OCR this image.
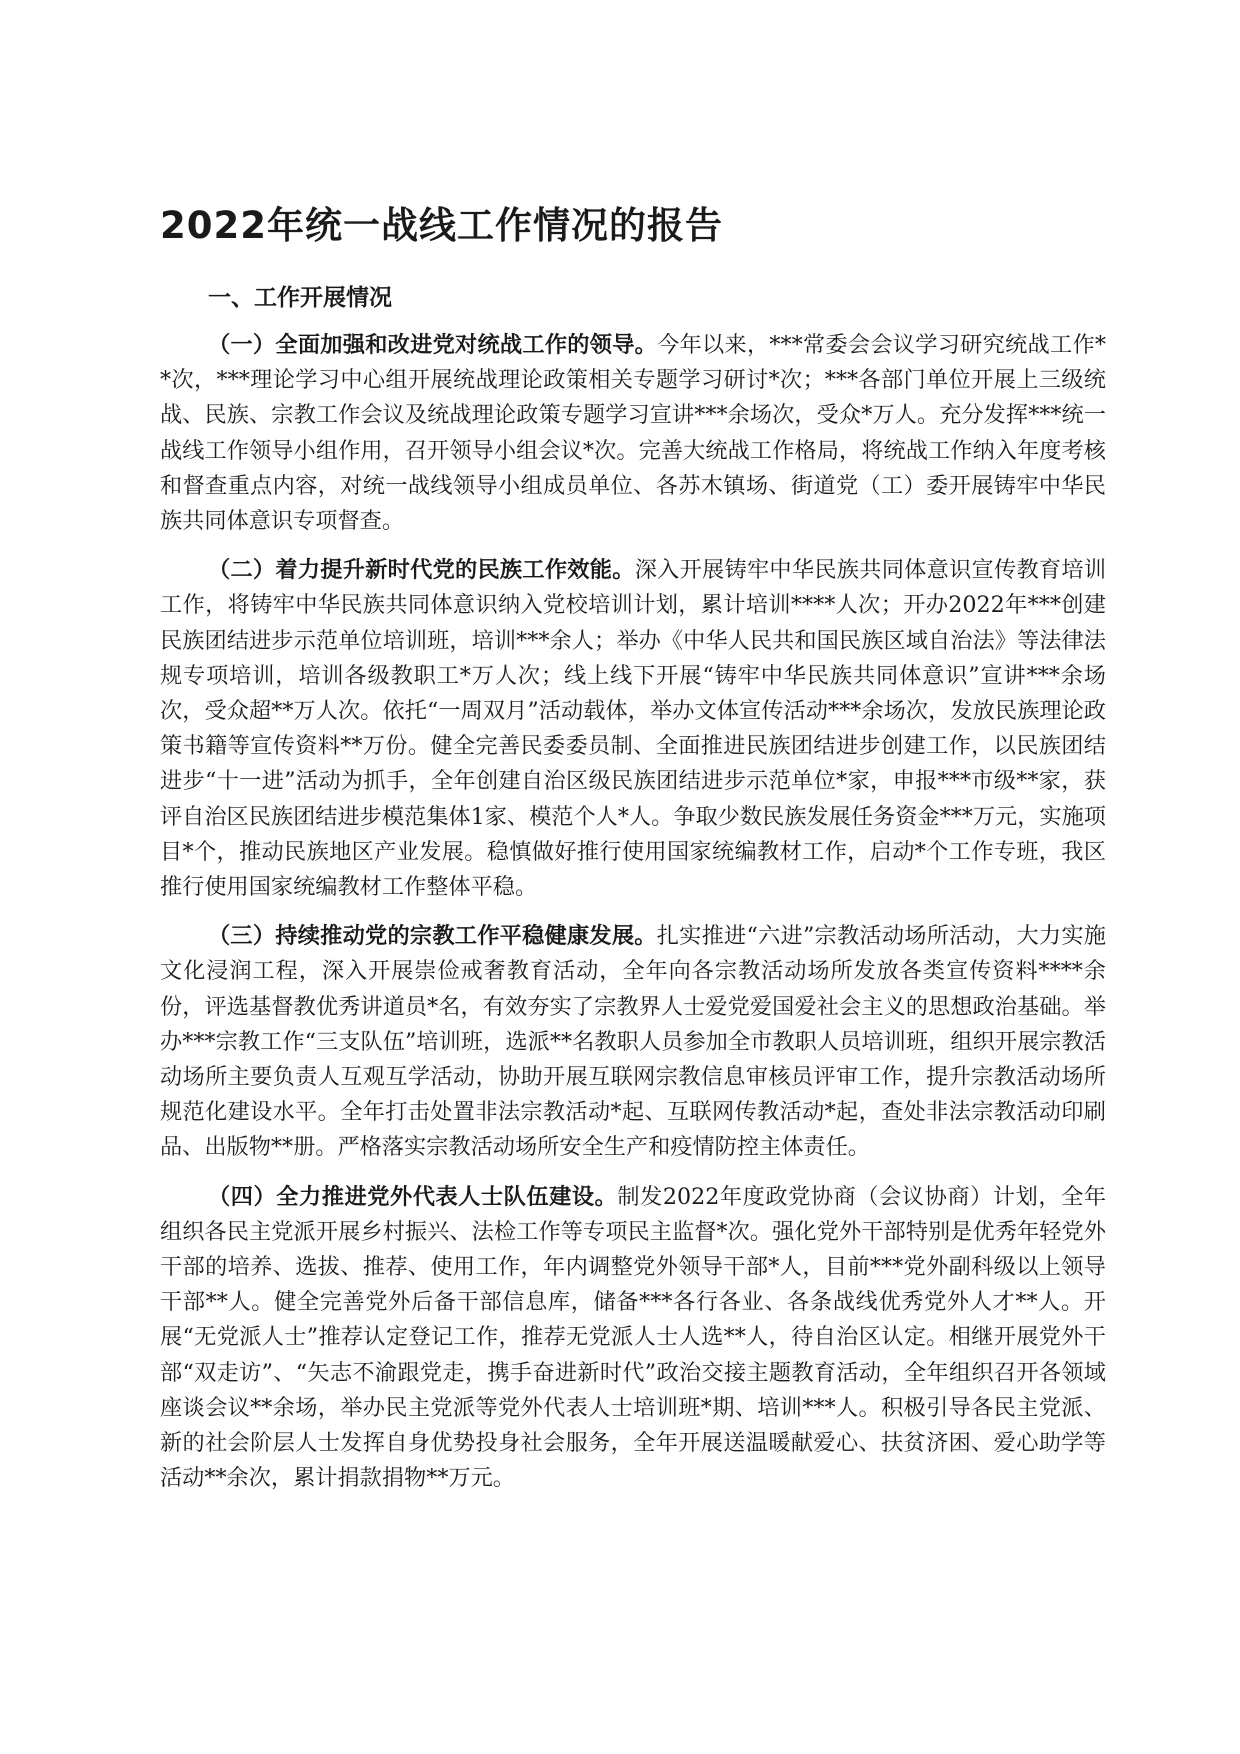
2022年统一战线工作情况的报告
一、工作开展情况

（一）全面加强和改进党对统战工作的领导。今年以来，***常委会会议学习研究统战工作**次，***理论学习中心组开展统战理论政策相关专题学习研讨*次；***各部门单位开展上三级统战、民族、宗教工作会议及统战理论政策专题学习宣讲***余场次，受众*万人。充分发挥***统一战线工作领导小组作用，召开领导小组会议*次。完善大统战工作格局，将统战工作纳入年度考核和督查重点内容，对统一战线领导小组成员单位、各苏木镇场、街道党（工）委开展铸牢中华民族共同体意识专项督查。

（二）着力提升新时代党的民族工作效能。深入开展铸牢中华民族共同体意识宣传教育培训工作，将铸牢中华民族共同体意识纳入党校培训计划，累计培训****人次；开办2022年***创建民族团结进步示范单位培训班，培训***余人；举办《中华人民共和国民族区域自治法》等法律法规专项培训，培训各级教职工*万人次；线上线下开展“铸牢中华民族共同体意识”宣讲***余场次，受众超**万人次。依托“一周双月”活动载体，举办文体宣传活动***余场次，发放民族理论政策书籍等宣传资料**万份。健全完善民委委员制、全面推进民族团结进步创建工作，以民族团结进步“十一进”活动为抓手，全年创建自治区级民族团结进步示范单位*家，申报***市级**家，获评自治区民族团结进步模范集体1家、模范个人*人。争取少数民族发展任务资金***万元，实施项目*个，推动民族地区产业发展。稳慎做好推行使用国家统编教材工作，启动*个工作专班，我区推行使用国家统编教材工作整体平稳。

（三）持续推动党的宗教工作平稳健康发展。扎实推进“六进”宗教活动场所活动，大力实施文化浸润工程，深入开展崇俭戒奢教育活动，全年向各宗教活动场所发放各类宣传资料****余份，评选基督教优秀讲道员*名，有效夯实了宗教界人士爱党爱国爱社会主义的思想政治基础。举办***宗教工作“三支队伍”培训班，选派**名教职人员参加全市教职人员培训班，组织开展宗教活动场所主要负责人互观互学活动，协助开展互联网宗教信息审核员评审工作，提升宗教活动场所规范化建设水平。全年打击处置非法宗教活动*起、互联网传教活动*起，查处非法宗教活动印刷品、出版物**册。严格落实宗教活动场所安全生产和疫情防控主体责任。

（四）全力推进党外代表人士队伍建设。制发2022年度政党协商（会议协商）计划，全年组织各民主党派开展乡村振兴、法检工作等专项民主监督*次。强化党外干部特别是优秀年轻党外干部的培养、选拔、推荐、使用工作，年内调整党外领导干部*人，目前***党外副科级以上领导干部**人。健全完善党外后备干部信息库，储备***各行各业、各条战线优秀党外人才**人。开展“无党派人士”推荐认定登记工作，推荐无党派人士人选**人，待自治区认定。相继开展党外干部“双走访”、“矢志不渝跟党走，携手奋进新时代”政治交接主题教育活动，全年组织召开各领域座谈会议**余场，举办民主党派等党外代表人士培训班*期、培训***人。积极引导各民主党派、新的社会阶层人士发挥自身优势投身社会服务，全年开展送温暖献爱心、扶贫济困、爱心助学等活动**余次，累计捐款捐物**万元。
